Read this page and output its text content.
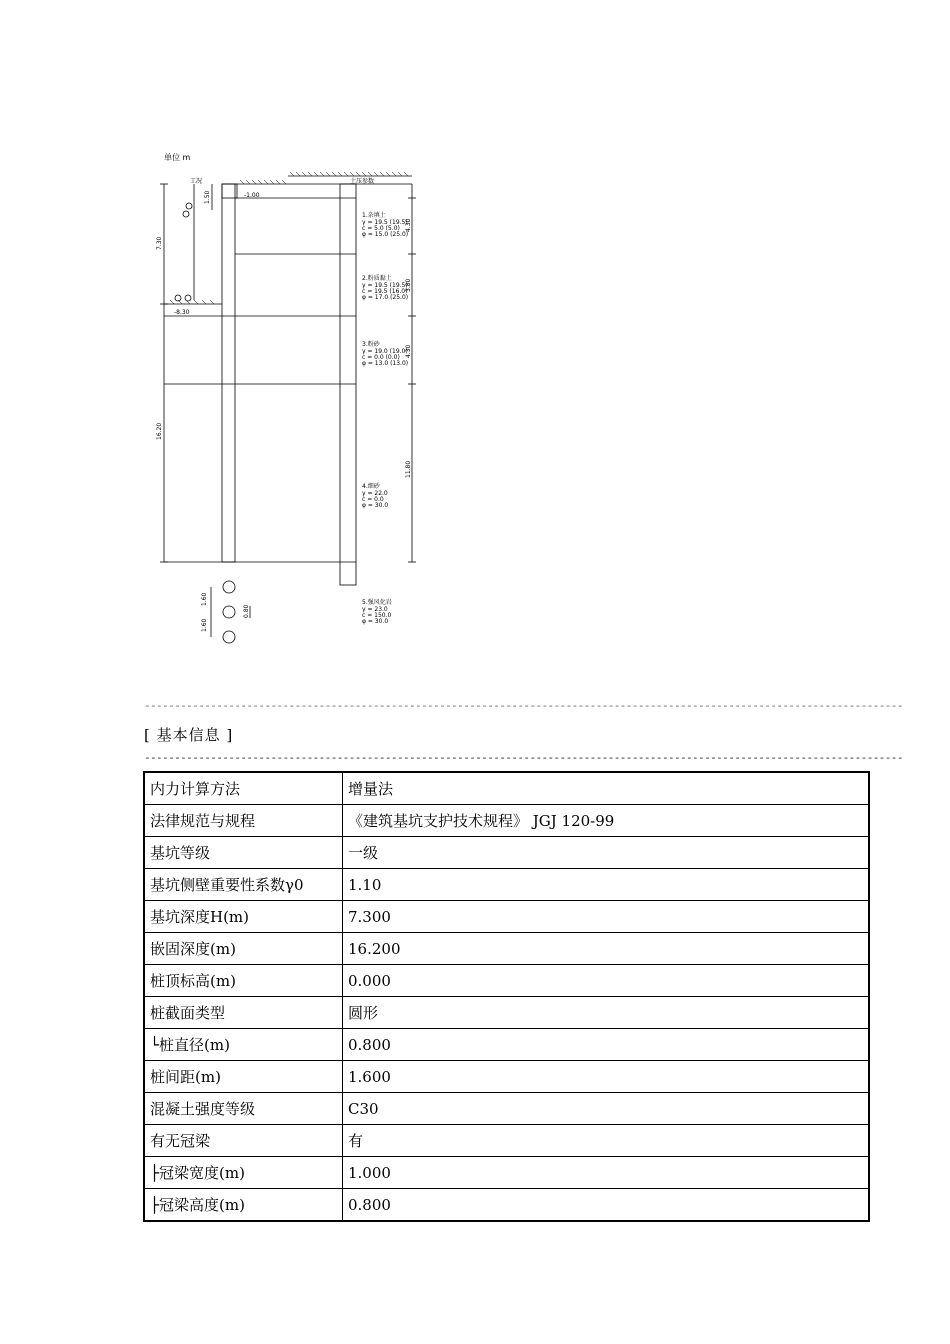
单位 m
工况	土压参数
-1.00
-8.30
1.50
7.30
16.20
4.30
3.80
4.30
11.80
1.60
1.60
0.80
1.杂填土
γ = 19.5 (19.5)
c = 5.0 (5.0)
φ = 15.0 (25.0)
2.粉质黏土
γ = 19.5 (19.5)
c = 19.5 (16.0)
φ = 17.0 (25.0)
3.粉砂
γ = 19.0 (19.0)
c = 0.0 (0.0)
φ = 13.0 (13.0)
4.细砂
γ = 22.0
c = 0.0
φ = 30.0
5.强风化岩
γ = 23.0
c = 150.0
φ = 30.0
------------------------------------------------------------------------------------------------------------------------------
[ 基本信息 ]
------------------------------------------------------------------------------------------------------------------------------
内力计算方法	增量法
法律规范与规程	《建筑基坑支护技术规程》 JGJ 120-99
基坑等级	一级
基坑侧壁重要性系数γ0	1.10
基坑深度H(m)	7.300
嵌固深度(m)	16.200
桩顶标高(m)	0.000
桩截面类型	圆形
└桩直径(m)	0.800
桩间距(m)	1.600
混凝土强度等级	C30
有无冠梁	有
├冠梁宽度(m)	1.000
├冠梁高度(m)	0.800
